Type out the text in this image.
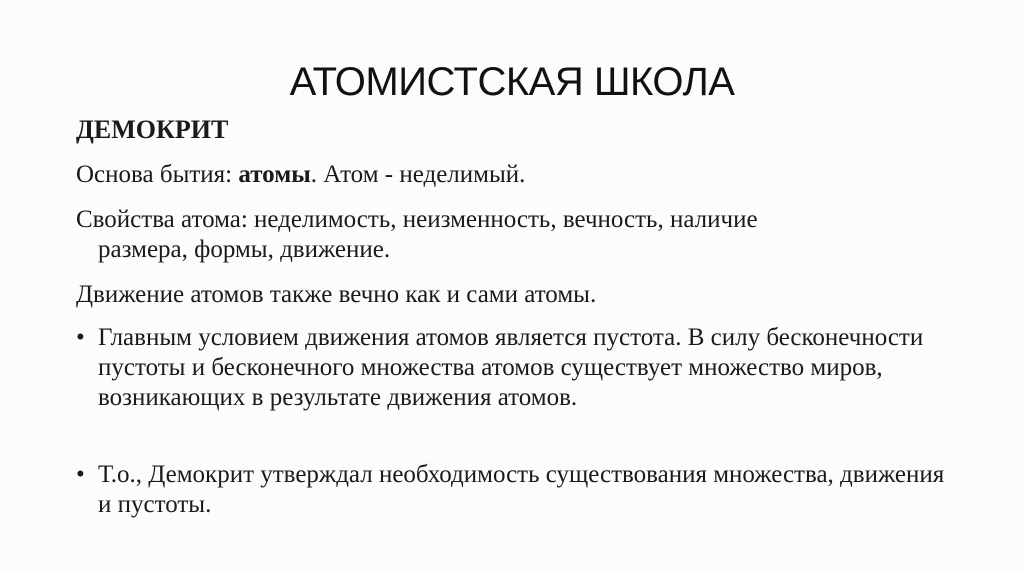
АТОМИСТСКАЯ ШКОЛА
ДЕМОКРИТ

Основа бытия: атомы. Атом - неделимый.

Свойства атома: неделимость, неизменность, вечность, наличие
размера, формы, движение.

Движение атомов также вечно как и сами атомы.

• Главным условием движения атомов является пустота. В силу бесконечности пустоты и бесконечного множества атомов существует множество миров, возникающих в результате движения атомов.
• Т.о., Демокрит утверждал необходимость существования множества, движения и пустоты.
